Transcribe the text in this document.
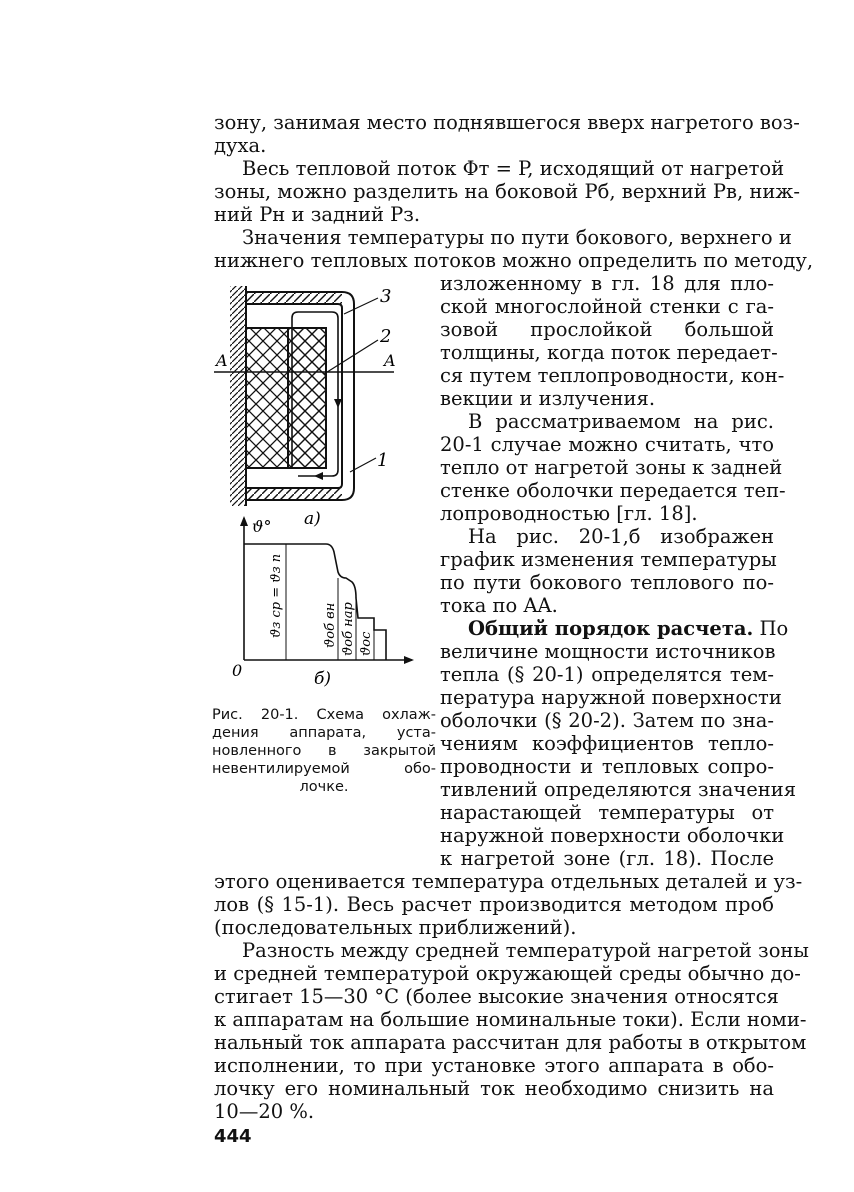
зону, занимая место поднявшегося вверх нагретого воз-
духа.
Весь тепловой поток Φт = P, исходящий от нагретой
зоны, можно разделить на боковой Pб, верхний Pв, ниж-
ний Pн и задний Pз.
Значения температуры по пути бокового, верхнего и
нижнего тепловых потоков можно определить по методу,
изложенному в гл. 18 для пло-
ской многослойной стенки с га-
зовой прослойкой большой
толщины, когда поток передает-
ся путем теплопроводности, кон-
векции и излучения.
В рассматриваемом на рис.
20-1 случае можно считать, что
тепло от нагретой зоны к задней
стенке оболочки передается теп-
лопроводностью [гл. 18].
На рис. 20-1,б изображен
график изменения температуры
по пути бокового теплового по-
тока по AA.
Общий порядок расчета. По
величине мощности источников
тепла (§ 20-1) определятся тем-
пература наружной поверхности
оболочки (§ 20-2). Затем по зна-
чениям коэффициентов тепло-
проводности и тепловых сопро-
тивлений определяются значения
нарастающей температуры от
наружной поверхности оболочки
к нагретой зоне (гл. 18). После
этого оценивается температура отдельных деталей и уз-
лов (§ 15-1). Весь расчет производится методом проб
(последовательных приближений).
Разность между средней температурой нагретой зоны
и средней температурой окружающей среды обычно до-
стигает 15—30 °C (более высокие значения относятся
к аппаратам на большие номинальные токи). Если номи-
нальный ток аппарата рассчитан для работы в открытом
исполнении, то при установке этого аппарата в обо-
лочку его номинальный ток необходимо снизить на
10—20 %.
A	A
3
2
1
а)
ϑ°
0	б)
ϑз ср = ϑз п	ϑоб вн ϑоб нар ϑос
Рис. 20-1. Схема охлаж-
дения аппарата, уста-
новленного в закрытой
невентилируемой обо-
лочке.
444
